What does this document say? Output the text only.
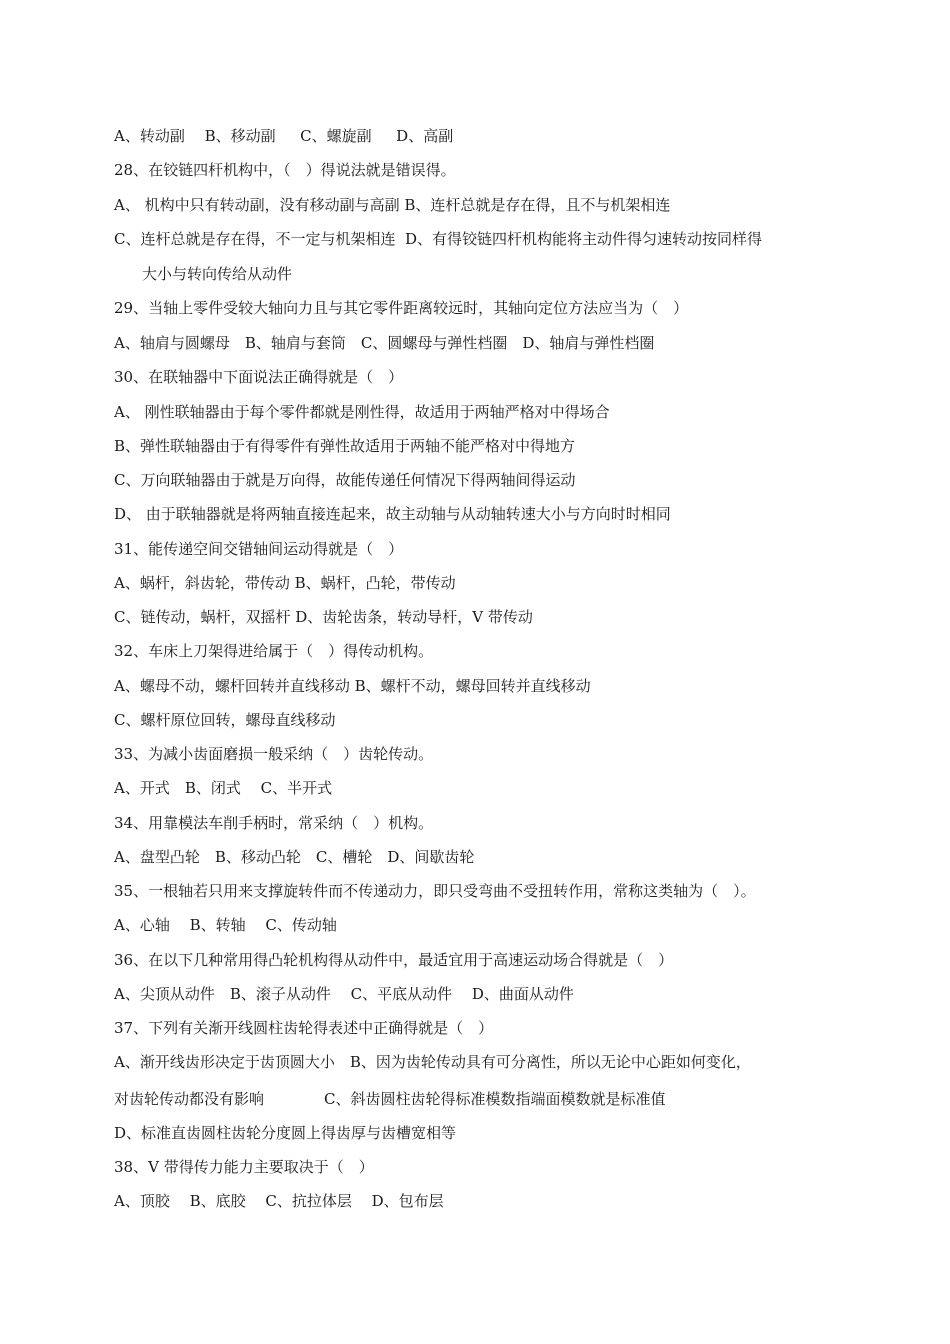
A、转动副　 B、移动副　  C、螺旋副　  D、高副
28、在铰链四杆机构中，（　）得说法就是错误得。
A、 机构中只有转动副，没有移动副与高副 B、连杆总就是存在得，且不与机架相连
C、连杆总就是存在得，不一定与机架相连  D、有得铰链四杆机构能将主动件得匀速转动按同样得
大小与转向传给从动件
29、当轴上零件受较大轴向力且与其它零件距离较远时，其轴向定位方法应当为（　）
A、轴肩与圆螺母　B、轴肩与套筒　C、圆螺母与弹性档圈　D、轴肩与弹性档圈
30、在联轴器中下面说法正确得就是（　）
A、 刚性联轴器由于每个零件都就是刚性得，故适用于两轴严格对中得场合
B、弹性联轴器由于有得零件有弹性故适用于两轴不能严格对中得地方
C、万向联轴器由于就是万向得，故能传递任何情况下得两轴间得运动
D、 由于联轴器就是将两轴直接连起来，故主动轴与从动轴转速大小与方向时时相同
31、能传递空间交错轴间运动得就是（　）
A、蜗杆，斜齿轮，带传动 B、蜗杆，凸轮，带传动
C、链传动，蜗杆，双摇杆 D、齿轮齿条，转动导杆，V 带传动
32、车床上刀架得进给属于（　）得传动机构。
A、螺母不动，螺杆回转并直线移动 B、螺杆不动，螺母回转并直线移动
C、螺杆原位回转，螺母直线移动
33、为减小齿面磨损一般采纳（　）齿轮传动。
A、开式　B、闭式　 C、半开式
34、用靠模法车削手柄时，常采纳（　）机构。
A、盘型凸轮　B、移动凸轮　C、槽轮　D、间歇齿轮
35、一根轴若只用来支撑旋转件而不传递动力，即只受弯曲不受扭转作用，常称这类轴为（　）。
A、心轴　 B、转轴　 C、传动轴
36、在以下几种常用得凸轮机构得从动件中，最适宜用于高速运动场合得就是（　）
A、尖顶从动件　B、滚子从动件　 C、平底从动件　 D、曲面从动件
37、下列有关渐开线圆柱齿轮得表述中正确得就是（　）
A、渐开线齿形决定于齿顶圆大小　B、因为齿轮传动具有可分离性，所以无论中心距如何变化，
对齿轮传动都没有影响　　　　C、斜齿圆柱齿轮得标准模数指端面模数就是标准值
D、标准直齿圆柱齿轮分度圆上得齿厚与齿槽宽相等
38、V 带得传力能力主要取决于（　）
A、顶胶　 B、底胶　 C、抗拉体层　 D、包布层
